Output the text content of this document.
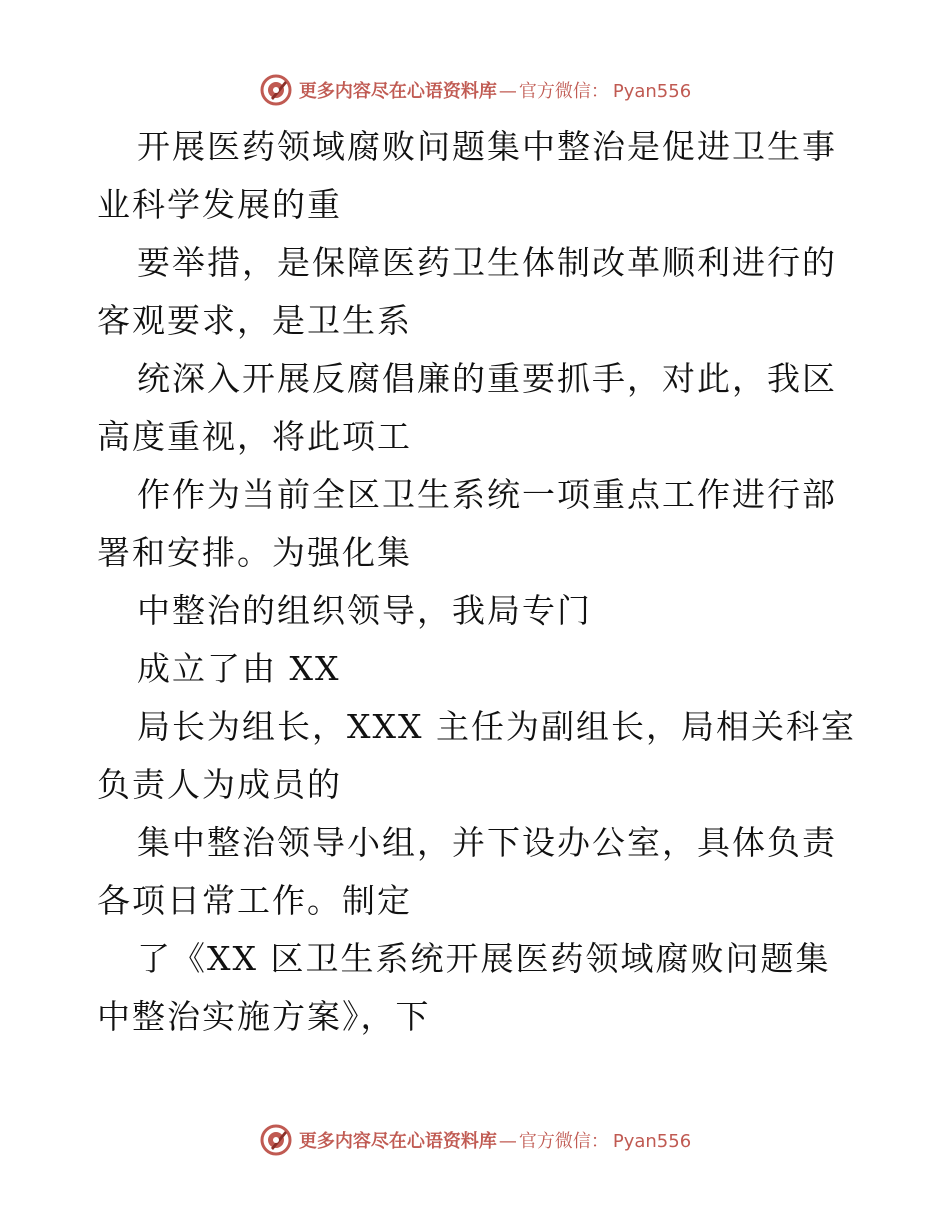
更多内容尽在心语资料库 — 官方微信： Pyan556

开展医药领域腐败问题集中整治是促进卫生事业科学发展的重

要举措，是保障医药卫生体制改革顺利进行的客观要求，是卫生系

统深入开展反腐倡廉的重要抓手，对此，我区高度重视，将此项工

作作为当前全区卫生系统一项重点工作进行部署和安排。为强化集

中整治的组织领导，我局专门

成立了由 XX

局长为组长，XXX 主任为副组长，局相关科室负责人为成员的

集中整治领导小组，并下设办公室，具体负责各项日常工作。制定

了《XX 区卫生系统开展医药领域腐败问题集中整治实施方案》，下

更多内容尽在心语资料库 — 官方微信： Pyan556
